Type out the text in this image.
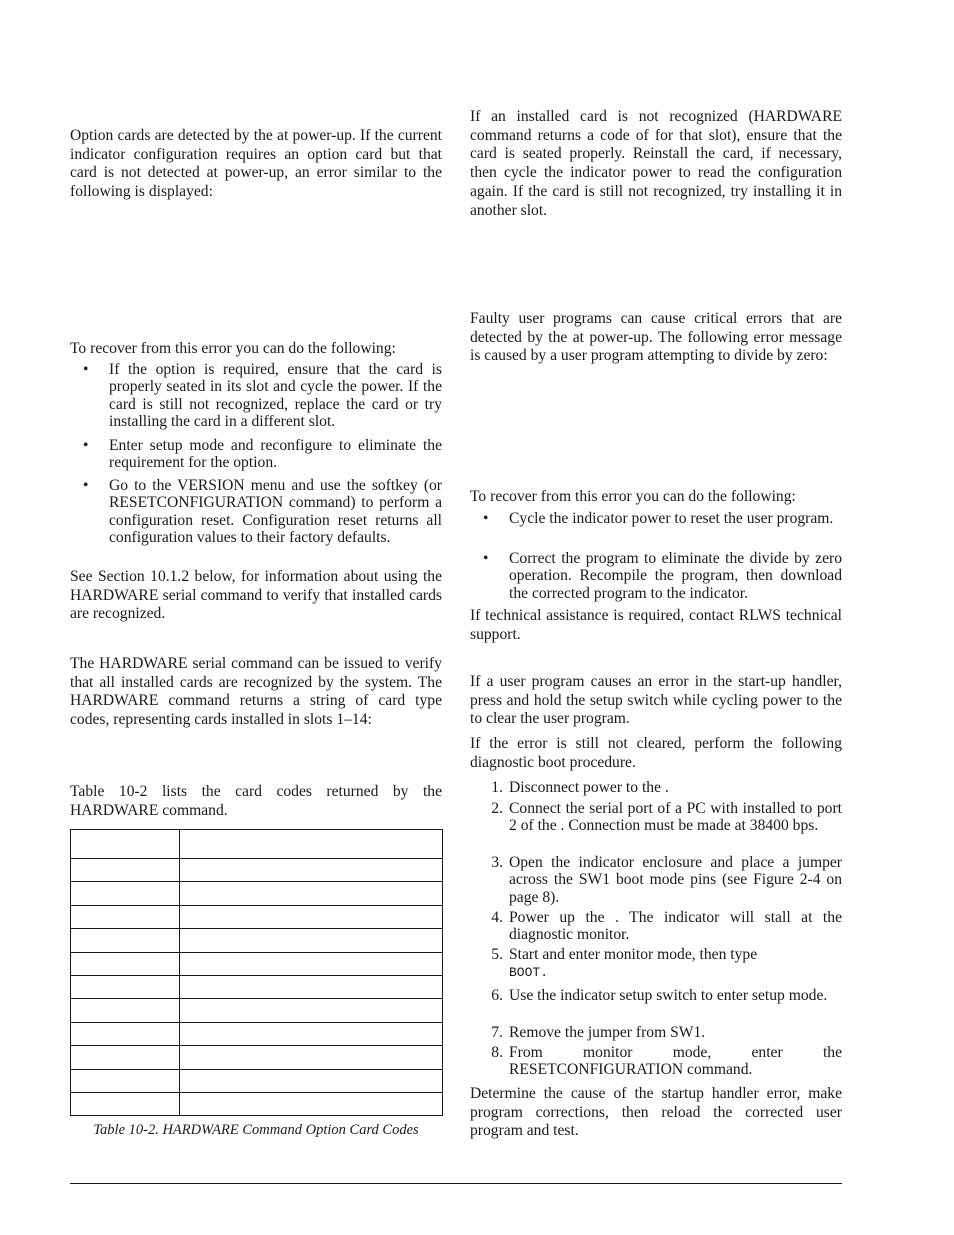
Option cards are detected by the at power-up. If the current indicator configuration requires an option card but that card is not detected at power-up, an error similar to the following is displayed:

To recover from this error you can do the following:

• If the option is required, ensure that the card is properly seated in its slot and cycle the power. If the card is still not recognized, replace the card or try installing the card in a different slot.

• Enter setup mode and reconfigure to eliminate the requirement for the option.

• Go to the VERSION menu and use the softkey (or RESETCONFIGURATION command) to perform a configuration reset. Configuration reset returns all configuration values to their factory defaults.

See Section 10.1.2 below, for information about using the HARDWARE serial command to verify that installed cards are recognized.

The HARDWARE serial command can be issued to verify that all installed cards are recognized by the system. The HARDWARE command returns a string of card type codes, representing cards installed in slots 1–14:

Table 10-2 lists the card codes returned by the HARDWARE command.

Table 10-2. HARDWARE Command Option Card Codes

If an installed card is not recognized (HARDWARE command returns a code of for that slot), ensure that the card is seated properly. Reinstall the card, if necessary, then cycle the indicator power to read the configuration again. If the card is still not recognized, try installing it in another slot.

Faulty user programs can cause critical errors that are detected by the at power-up. The following error message is caused by a user program attempting to divide by zero:

To recover from this error you can do the following:

• Cycle the indicator power to reset the user program.

• Correct the program to eliminate the divide by zero operation. Recompile the program, then download the corrected program to the indicator.

If technical assistance is required, contact RLWS technical support.

If a user program causes an error in the start-up handler, press and hold the setup switch while cycling power to the to clear the user program.

If the error is still not cleared, perform the following diagnostic boot procedure.

1. Disconnect power to the .

2. Connect the serial port of a PC with installed to port 2 of the . Connection must be made at 38400 bps.

3. Open the indicator enclosure and place a jumper across the SW1 boot mode pins (see Figure 2-4 on page 8).

4. Power up the . The indicator will stall at the diagnostic monitor.

5. Start and enter monitor mode, then type
BOOT.

6. Use the indicator setup switch to enter setup mode.

7. Remove the jumper from SW1.

8. From monitor mode, enter the RESETCONFIGURATION command.

Determine the cause of the startup handler error, make program corrections, then reload the corrected user program and test.
